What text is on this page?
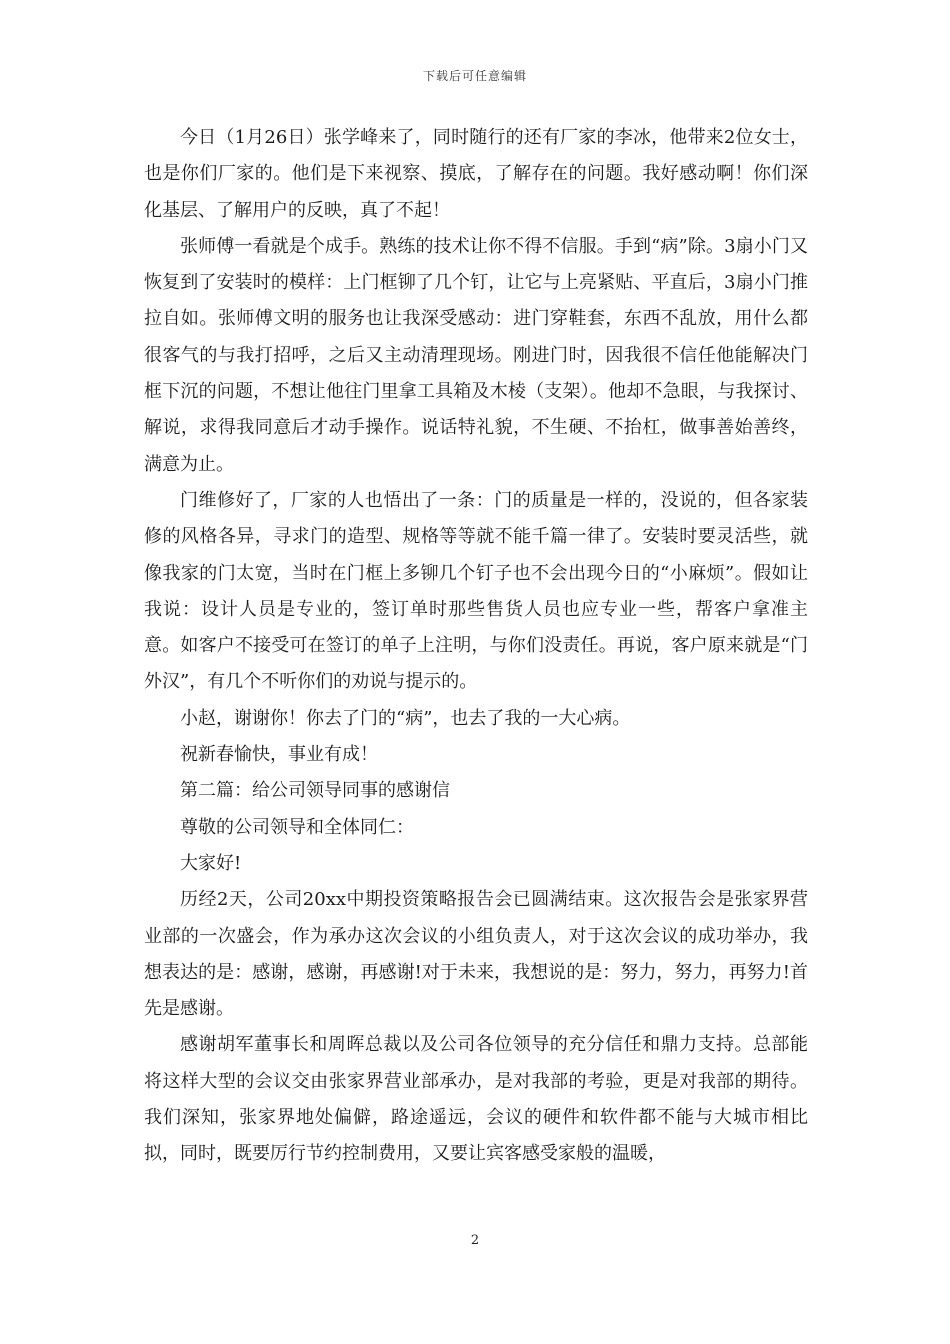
下载后可任意编辑

今日（1月26日）张学峰来了，同时随行的还有厂家的李冰，他带来2位女士，也是你们厂家的。他们是下来视察、摸底，了解存在的问题。我好感动啊！你们深化基层、了解用户的反映，真了不起！

张师傅一看就是个成手。熟练的技术让你不得不信服。手到“病”除。3扇小门又恢复到了安装时的模样：上门框铆了几个钉，让它与上亮紧贴、平直后，3扇小门推拉自如。张师傅文明的服务也让我深受感动：进门穿鞋套，东西不乱放，用什么都很客气的与我打招呼，之后又主动清理现场。刚进门时，因我很不信任他能解决门框下沉的问题，不想让他往门里拿工具箱及木棱（支架）。他却不急眼，与我探讨、解说，求得我同意后才动手操作。说话特礼貌，不生硬、不抬杠，做事善始善终，满意为止。

门维修好了，厂家的人也悟出了一条：门的质量是一样的，没说的，但各家装修的风格各异，寻求门的造型、规格等等就不能千篇一律了。安装时要灵活些，就像我家的门太宽，当时在门框上多铆几个钉子也不会出现今日的“小麻烦”。假如让我说：设计人员是专业的，签订单时那些售货人员也应专业一些，帮客户拿准主意。如客户不接受可在签订的单子上注明，与你们没责任。再说，客户原来就是“门外汉”，有几个不听你们的劝说与提示的。

小赵，谢谢你！你去了门的“病”，也去了我的一大心病。

祝新春愉快，事业有成！

第二篇：给公司领导同事的感谢信

尊敬的公司领导和全体同仁：

大家好!

历经2天，公司20xx中期投资策略报告会已圆满结束。这次报告会是张家界营业部的一次盛会，作为承办这次会议的小组负责人，对于这次会议的成功举办，我想表达的是：感谢，感谢，再感谢!对于未来，我想说的是：努力，努力，再努力!首先是感谢。

感谢胡军董事长和周晖总裁以及公司各位领导的充分信任和鼎力支持。总部能将这样大型的会议交由张家界营业部承办，是对我部的考验，更是对我部的期待。我们深知，张家界地处偏僻，路途遥远，会议的硬件和软件都不能与大城市相比拟，同时，既要厉行节约控制费用，又要让宾客感受家般的温暖，

2
